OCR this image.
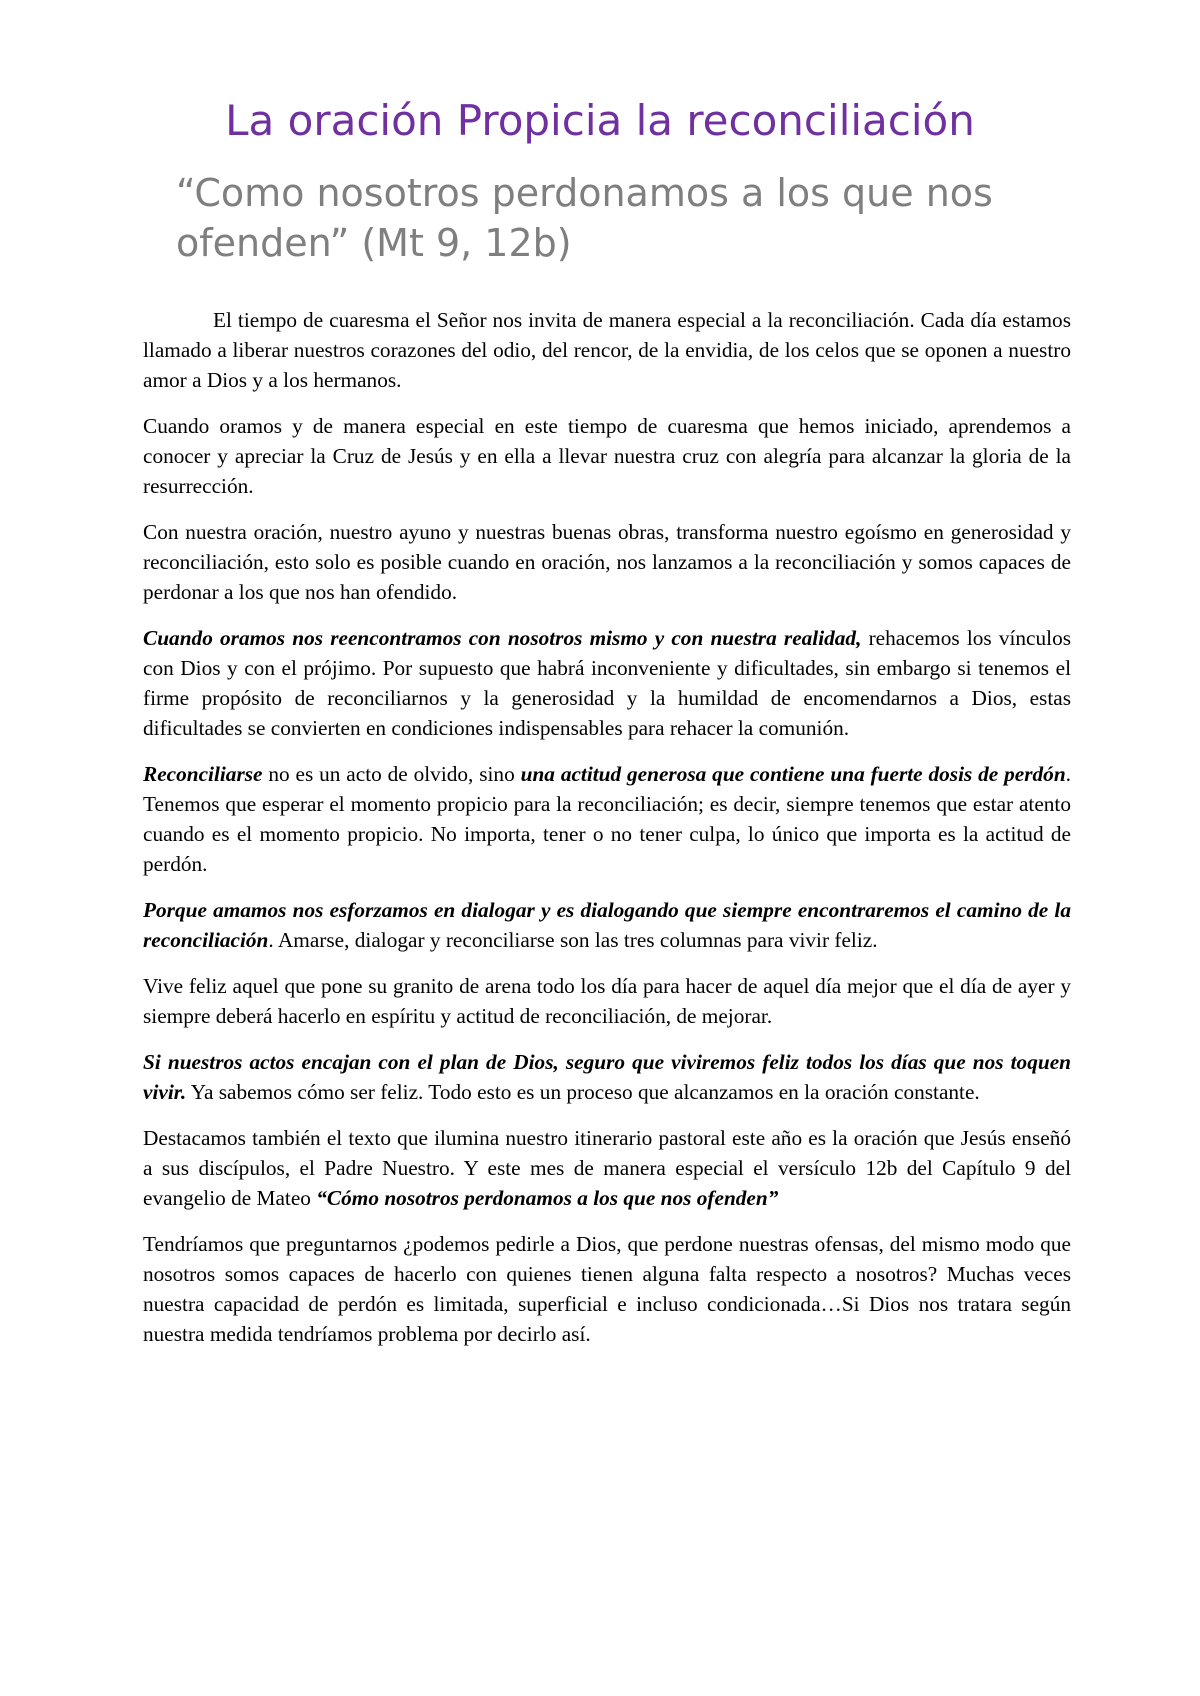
La oración Propicia la reconciliación
“Como nosotros perdonamos a los que nos ofenden” (Mt 9, 12b)

El tiempo de cuaresma el Señor nos invita de manera especial a la reconciliación. Cada día estamos llamado a liberar nuestros corazones del odio, del rencor, de la envidia, de los celos que se oponen a nuestro amor a Dios y a los hermanos.

Cuando oramos y de manera especial en este tiempo de cuaresma que hemos iniciado, aprendemos a conocer y apreciar la Cruz de Jesús y en ella a llevar nuestra cruz con alegría para alcanzar la gloria de la resurrección.

Con nuestra oración, nuestro ayuno y nuestras buenas obras, transforma nuestro egoísmo en generosidad y reconciliación, esto solo es posible cuando en oración, nos lanzamos a la reconciliación y somos capaces de perdonar a los que nos han ofendido.

Cuando oramos nos reencontramos con nosotros mismo y con nuestra realidad, rehacemos los vínculos con Dios y con el prójimo. Por supuesto que habrá inconveniente y dificultades, sin embargo si tenemos el firme propósito de reconciliarnos y la generosidad y la humildad de encomendarnos a Dios, estas dificultades se convierten en condiciones indispensables para rehacer la comunión.

Reconciliarse no es un acto de olvido, sino una actitud generosa que contiene una fuerte dosis de perdón. Tenemos que esperar el momento propicio para la reconciliación; es decir, siempre tenemos que estar atento cuando es el momento propicio. No importa, tener o no tener culpa, lo único que importa es la actitud de perdón.

Porque amamos nos esforzamos en dialogar y es dialogando que siempre encontraremos el camino de la reconciliación. Amarse, dialogar y reconciliarse son las tres columnas para vivir feliz.

Vive feliz aquel que pone su granito de arena todo los día para hacer de aquel día mejor que el día de ayer y siempre deberá hacerlo en espíritu y actitud de reconciliación, de mejorar.

Si nuestros actos encajan con el plan de Dios, seguro que viviremos feliz todos los días que nos toquen vivir. Ya sabemos cómo ser feliz. Todo esto es un proceso que alcanzamos en la oración constante.

Destacamos también el texto que ilumina nuestro itinerario pastoral este año es la oración que Jesús enseñó a sus discípulos, el Padre Nuestro. Y este mes de manera especial el versículo 12b del Capítulo 9 del evangelio de Mateo “Cómo nosotros perdonamos a los que nos ofenden”

Tendríamos que preguntarnos ¿podemos pedirle a Dios, que perdone nuestras ofensas, del mismo modo que nosotros somos capaces de hacerlo con quienes tienen alguna falta respecto a nosotros? Muchas veces nuestra capacidad de perdón es limitada, superficial e incluso condicionada…Si Dios nos tratara según nuestra medida tendríamos problema por decirlo así.
